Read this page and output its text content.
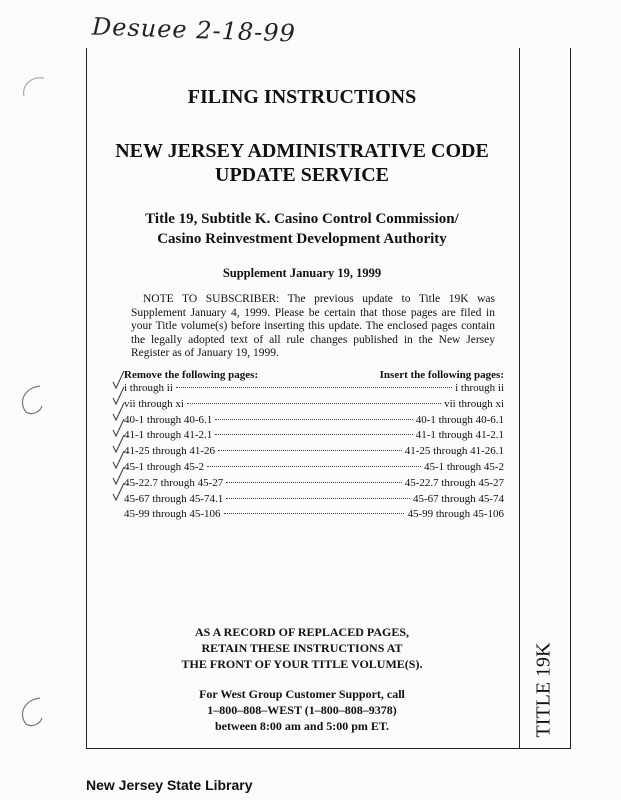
Desuee 2-18-99
TITLE 19K
FILING INSTRUCTIONS
NEW JERSEY ADMINISTRATIVE CODE
UPDATE SERVICE
Title 19, Subtitle K. Casino Control Commission/
Casino Reinvestment Development Authority
Supplement January 19, 1999
NOTE TO SUBSCRIBER: The previous update to Title 19K was Supplement January 4, 1999. Please be certain that those pages are filed in your Title volume(s) before inserting this update. The enclosed pages contain the legally adopted text of all rule changes published in the New Jersey Register as of January 19, 1999.
Remove the following pages:	Insert the following pages:
i through ii	i through ii
vii through xi	vii through xi
40-1 through 40-6.1	40-1 through 40-6.1
41-1 through 41-2.1	41-1 through 41-2.1
41-25 through 41-26	41-25 through 41-26.1
45-1 through 45-2	45-1 through 45-2
45-22.7 through 45-27	45-22.7 through 45-27
45-67 through 45-74.1	45-67 through 45-74
45-99 through 45-106	45-99 through 45-106
AS A RECORD OF REPLACED PAGES,
RETAIN THESE INSTRUCTIONS AT
THE FRONT OF YOUR TITLE VOLUME(S).
For West Group Customer Support, call
1–800–808–WEST (1–800–808–9378)
between 8:00 am and 5:00 pm ET.
New Jersey State Library
